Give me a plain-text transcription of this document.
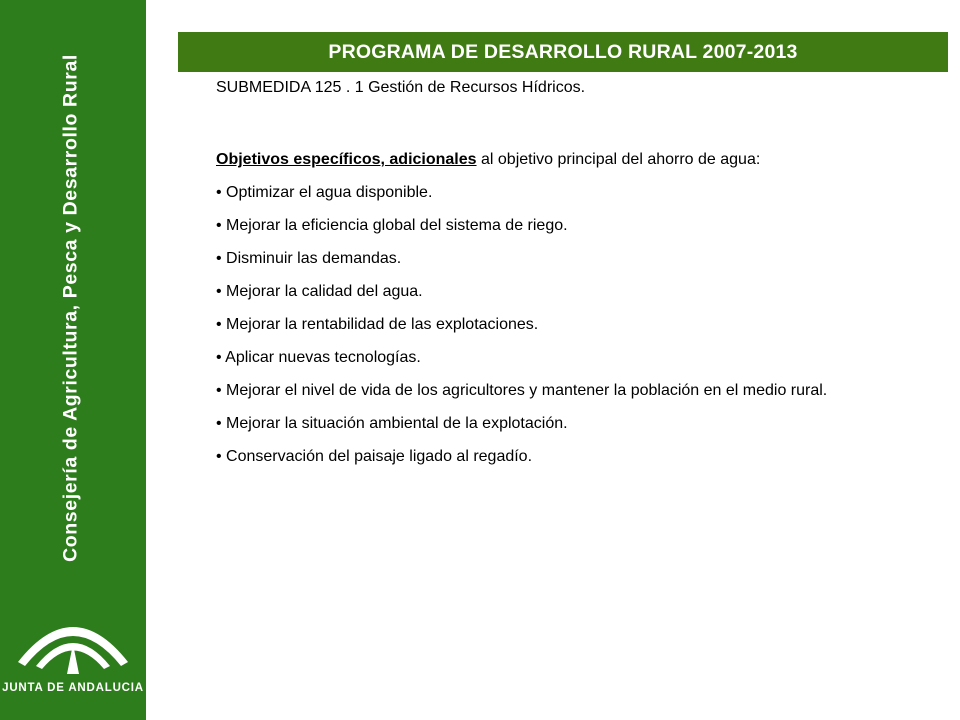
Consejería de Agricultura, Pesca y Desarrollo Rural
JUNTA DE ANDALUCIA
PROGRAMA DE DESARROLLO RURAL 2007-2013

SUBMEDIDA 125 . 1 Gestión de Recursos Hídricos.

Objetivos específicos, adicionales al objetivo principal del ahorro de agua:

• Optimizar el agua disponible.
• Mejorar la eficiencia global del sistema de riego.
• Disminuir las demandas.
• Mejorar la calidad del agua.
• Mejorar la rentabilidad de las explotaciones.
• Aplicar nuevas tecnologías.
• Mejorar el nivel de vida de los agricultores y mantener la población en el medio rural.
• Mejorar la situación ambiental de la explotación.
• Conservación del paisaje ligado al regadío.
